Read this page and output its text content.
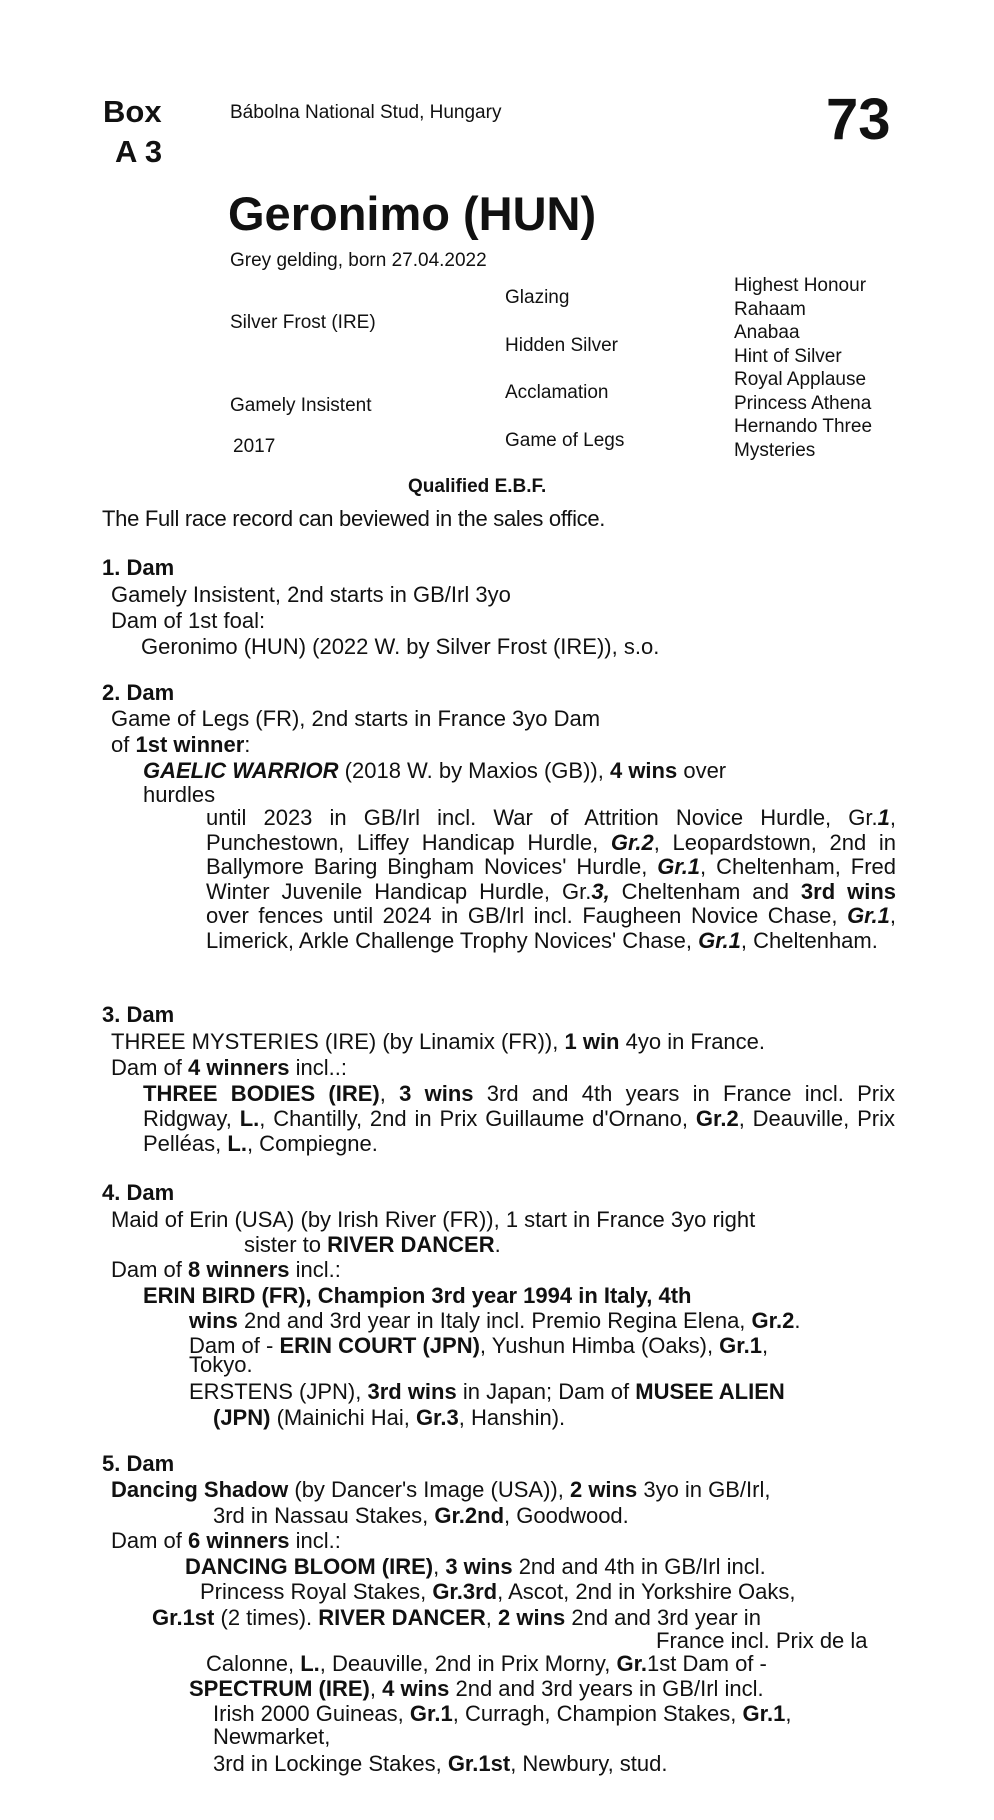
Box
A 3
Bábolna National Stud, Hungary	73
Geronimo (HUN)
Grey gelding, born 27.04.2022
Silver Frost (IRE)
Gamely Insistent
2017
Glazing
Hidden Silver
Acclamation
Game of Legs
Highest Honour
Rahaam
Anabaa
Hint of Silver
Royal Applause
Princess Athena
Hernando Three
Mysteries
Qualified E.B.F.
The Full race record can beviewed in the sales office.
1. Dam
Gamely Insistent, 2nd starts in GB/Irl 3yo
Dam of 1st foal:
Geronimo (HUN) (2022 W. by Silver Frost (IRE)), s.o.
2. Dam
Game of Legs (FR), 2nd starts in France 3yo Dam
of 1st winner:
GAELIC WARRIOR (2018 W. by Maxios (GB)), 4 wins over
hurdles
until 2023 in GB/Irl incl. War of Attrition Novice Hurdle, Gr.1, Punchestown, Liffey Handicap Hurdle, Gr.2, Leopardstown, 2nd in Ballymore Baring Bingham Novices' Hurdle, Gr.1, Cheltenham, Fred Winter Juvenile Handicap Hurdle, Gr.3, Cheltenham and 3rd wins over fences until 2024 in GB/Irl incl. Faugheen Novice Chase, Gr.1, Limerick, Arkle Challenge Trophy Novices' Chase, Gr.1, Cheltenham.
3. Dam
THREE MYSTERIES (IRE) (by Linamix (FR)), 1 win 4yo in France.
Dam of 4 winners incl..:
THREE BODIES (IRE), 3 wins 3rd and 4th years in France incl. Prix Ridgway, L., Chantilly, 2nd in Prix Guillaume d'Ornano, Gr.2, Deauville, Prix Pelléas, L., Compiegne.
4. Dam
Maid of Erin (USA) (by Irish River (FR)), 1 start in France 3yo right
sister to RIVER DANCER.
Dam of 8 winners incl.:
ERIN BIRD (FR), Champion 3rd year 1994 in Italy, 4th
wins 2nd and 3rd year in Italy incl. Premio Regina Elena, Gr.2.
Dam of - ERIN COURT (JPN), Yushun Himba (Oaks), Gr.1,
Tokyo.
ERSTENS (JPN), 3rd wins in Japan; Dam of MUSEE ALIEN
(JPN) (Mainichi Hai, Gr.3, Hanshin).
5. Dam
Dancing Shadow (by Dancer's Image (USA)), 2 wins 3yo in GB/Irl,
3rd in Nassau Stakes, Gr.2nd, Goodwood.
Dam of 6 winners incl.:
DANCING BLOOM (IRE), 3 wins 2nd and 4th in GB/Irl incl.
Princess Royal Stakes, Gr.3rd, Ascot, 2nd in Yorkshire Oaks,
Gr.1st (2 times). RIVER DANCER, 2 wins 2nd and 3rd year in
France incl. Prix de la
Calonne, L., Deauville, 2nd in Prix Morny, Gr.1st Dam of -
SPECTRUM (IRE), 4 wins 2nd and 3rd years in GB/Irl incl.
Irish 2000 Guineas, Gr.1, Curragh, Champion Stakes, Gr.1,
Newmarket,
3rd in Lockinge Stakes, Gr.1st, Newbury, stud.
